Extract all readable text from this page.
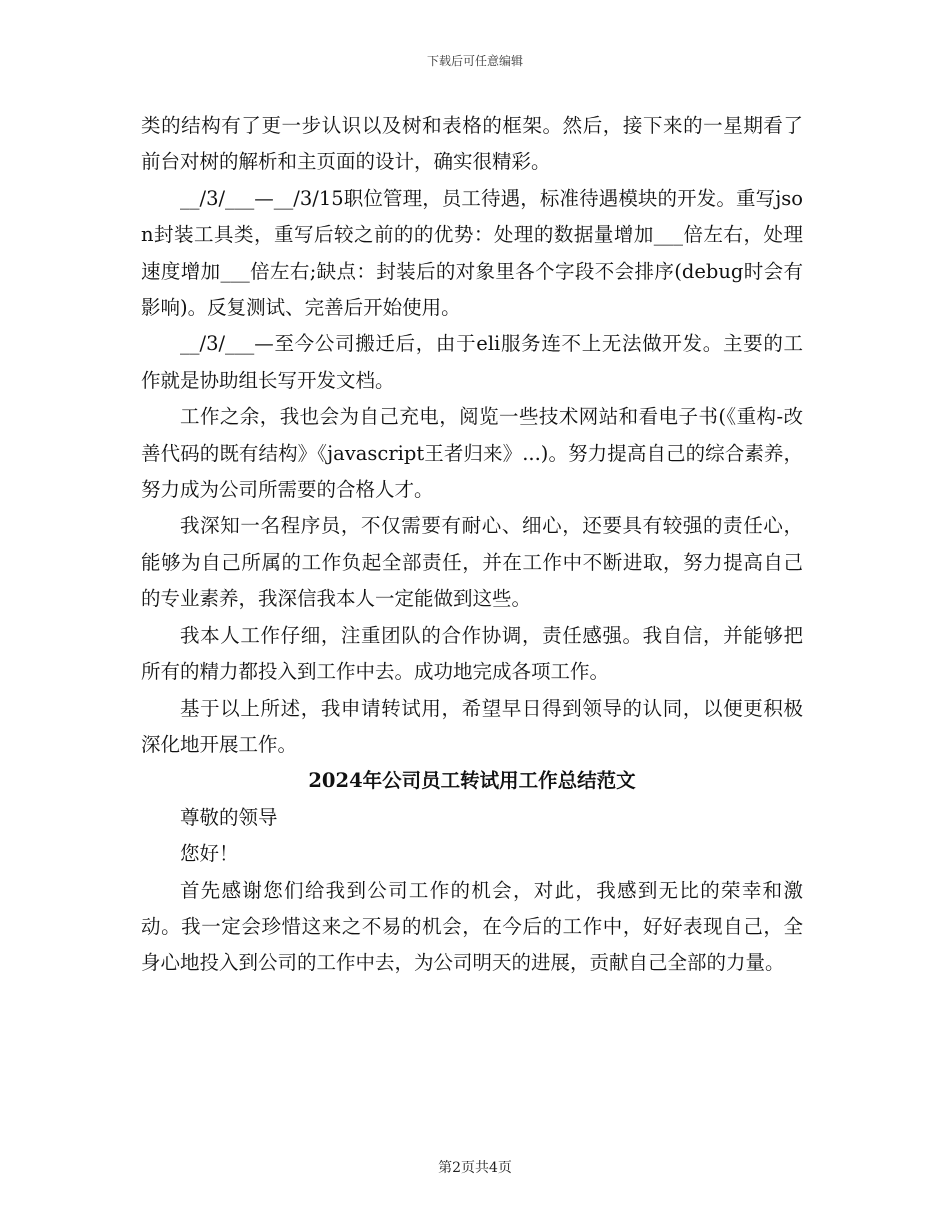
下载后可任意编辑

类的结构有了更一步认识以及树和表格的框架。然后，接下来的一星期看了前台对树的解析和主页面的设计，确实很精彩。

__/3/___—__/3/15职位管理，员工待遇，标准待遇模块的开发。重写json封装工具类，重写后较之前的的优势：处理的数据量增加___倍左右，处理速度增加___倍左右;缺点：封装后的对象里各个字段不会排序(debug时会有影响)。反复测试、完善后开始使用。

__/3/___—至今公司搬迁后，由于eli服务连不上无法做开发。主要的工作就是协助组长写开发文档。

工作之余，我也会为自己充电，阅览一些技术网站和看电子书(《重构-改善代码的既有结构》《javascript王者归来》...)。努力提高自己的综合素养，努力成为公司所需要的合格人才。

我深知一名程序员，不仅需要有耐心、细心，还要具有较强的责任心，能够为自己所属的工作负起全部责任，并在工作中不断进取，努力提高自己的专业素养，我深信我本人一定能做到这些。

我本人工作仔细，注重团队的合作协调，责任感强。我自信，并能够把所有的精力都投入到工作中去。成功地完成各项工作。

基于以上所述，我申请转试用，希望早日得到领导的认同，以便更积极深化地开展工作。

2024年公司员工转试用工作总结范文

尊敬的领导

您好！

首先感谢您们给我到公司工作的机会，对此，我感到无比的荣幸和激动。我一定会珍惜这来之不易的机会，在今后的工作中，好好表现自己，全身心地投入到公司的工作中去，为公司明天的进展，贡献自己全部的力量。

第2页共4页
